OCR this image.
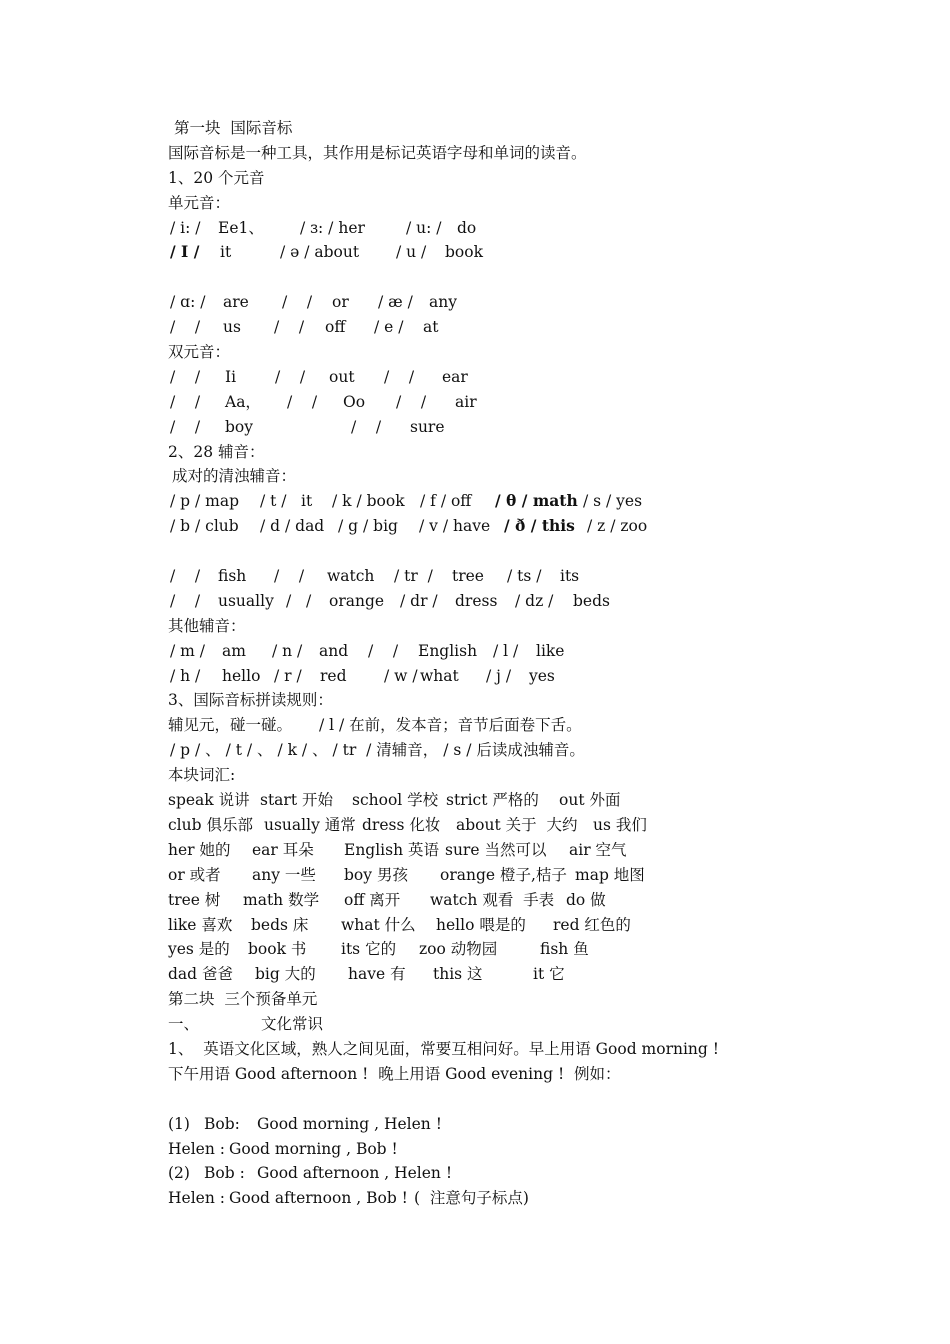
第一块  国际音标
国际音标是一种工具，其作用是标记英语字母和单词的读音。
1、20 个元音
单元音：
/ i: / Ee1、 / ɜ: / her	/ u: / do
/ I / it	/ ə / about / u / book
/ ɑ: / are /    / or / æ / any
/    / us /    / off / e / at
双元音：
/    / Ii	/    / out /    / ear
/    / Aa， /    / Oo /    / air
/    / boy	/    / sure
2、28 辅音：
成对的清浊辅音：
/ p / map / t / it / k / book / f / off / θ / math / s / yes
/ b / club / d / dad / g / big / v / have / ð / this / z / zoo
/    / fish /    / watch / tr  / tree / ts / its
/    / usually /   / orange / dr / dress / dz / beds
其他辅音：
/ m / am / n / and /    / English / l / like
/ h / hello / r / red / w / what / j / yes
3、国际音标拼读规则：
辅见元，碰一碰。 / l / 在前，发本音；音节后面卷下舌。
/ p / 、 / t / 、 / k / 、 / tr  / 清辅音， / s / 后读成浊辅音。
本块词汇:
speak 说讲 start 开始 school 学校 strict 严格的 out 外面
club 俱乐部 usually 通常 dress 化妆 about 关于  大约 us 我们
her 她的 ear 耳朵 English 英语 sure 当然可以 air 空气
or 或者 any 一些 boy 男孩 orange 橙子,桔子 map 地图
tree 树 math 数学 off 离开 watch 观看  手表 do 做
like 喜欢 beds 床 what 什么 hello 喂是的 red 红色的
yes 是的 book 书 its 它的 zoo 动物园	fish 鱼
dad 爸爸 big 大的 have 有 this 这	it 它
第二块  三个预备单元
一、	文化常识
1、  英语文化区域，熟人之间见面，常要互相问好。早上用语 Good morning !
下午用语 Good afternoon !  晚上用语 Good evening !  例如：
(1) Bob: Good morning , Helen !
Helen : Good morning , Bob !
(2) Bob : Good afternoon , Helen !
Helen : Good afternoon , Bob ! (  注意句子标点)
